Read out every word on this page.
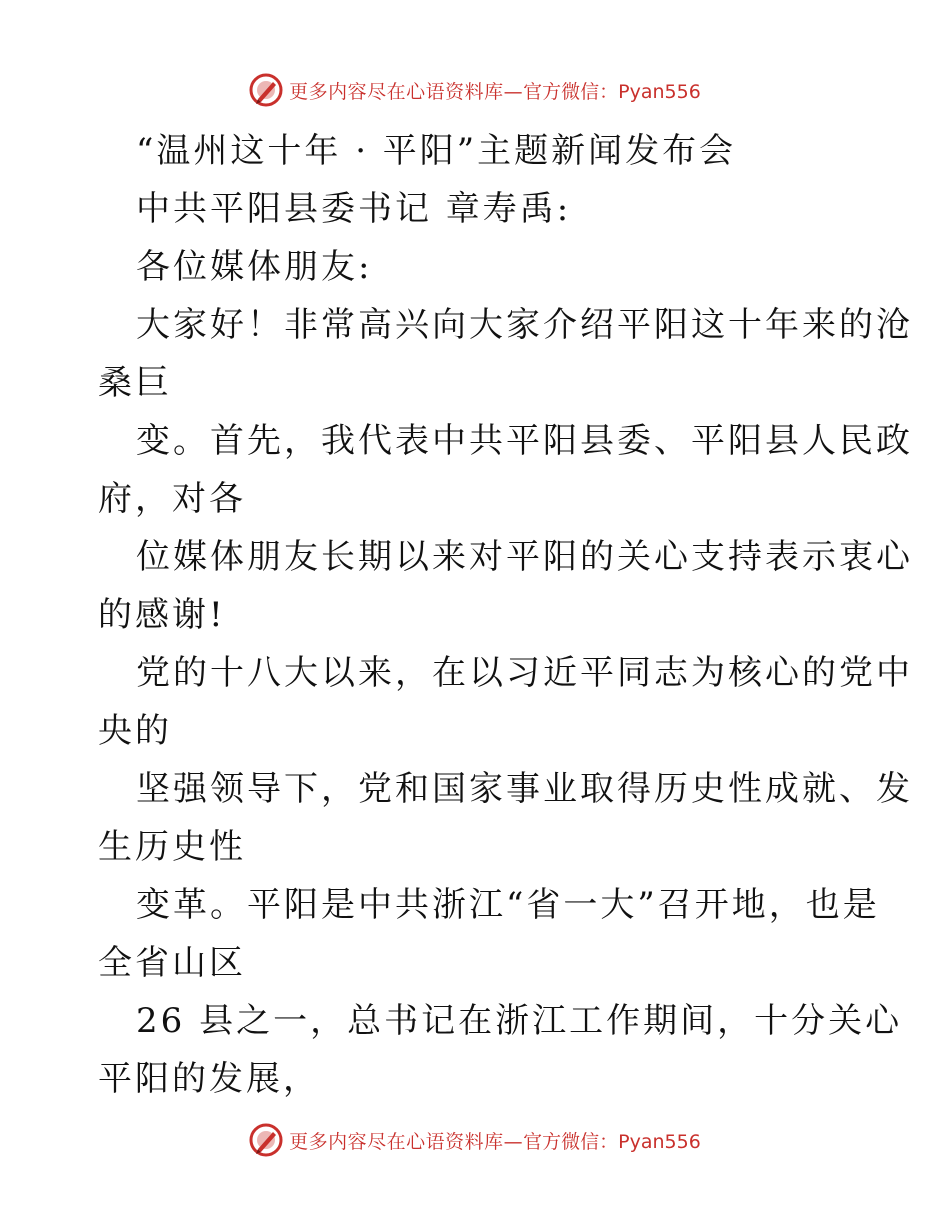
更多内容尽在心语资料库— 官方微信：Pyan556
“温州这十年 · 平阳”主题新闻发布会
中共平阳县委书记 章寿禹:
各位媒体朋友:
大家好！非常高兴向大家介绍平阳这十年来的沧
桑巨
变。首先，我代表中共平阳县委、平阳县人民政
府，对各
位媒体朋友长期以来对平阳的关心支持表示衷心
的感谢!
党的十八大以来，在以习近平同志为核心的党中
央的
坚强领导下，党和国家事业取得历史性成就、发
生历史性
变革。平阳是中共浙江“省一大”召开地，也是
全省山区
26 县之一，总书记在浙江工作期间，十分关心
平阳的发展，
更多内容尽在心语资料库— 官方微信：Pyan556
